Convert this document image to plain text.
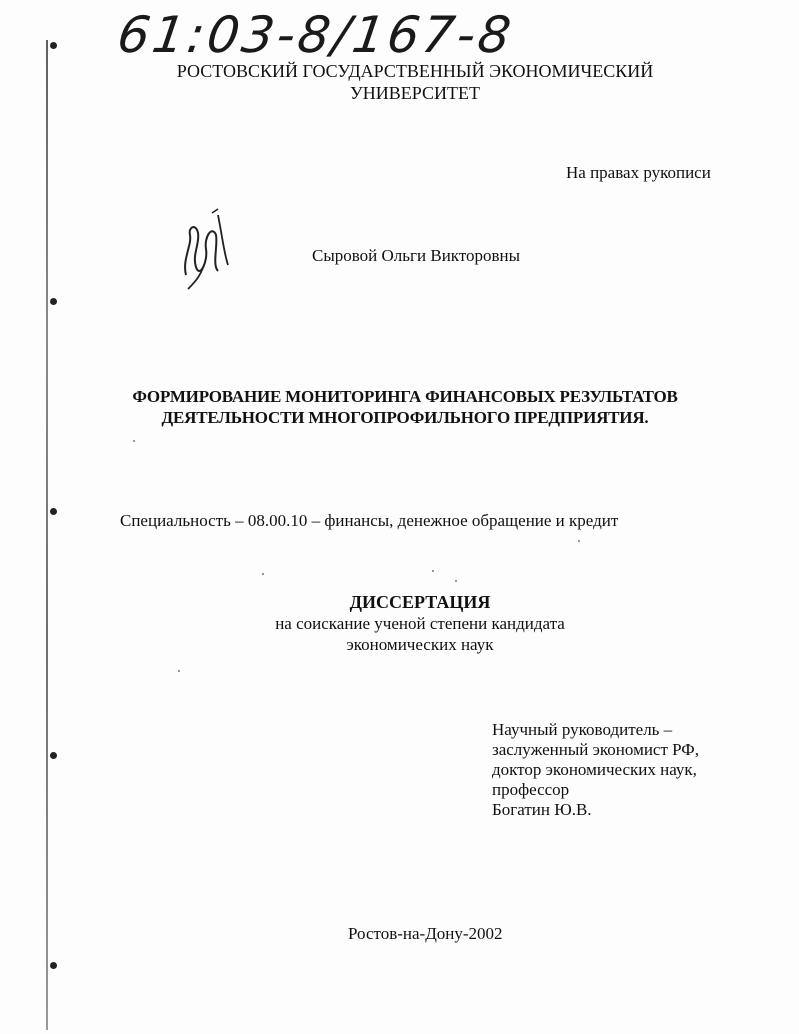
61:03-8/167-8
РОСТОВСКИЙ ГОСУДАРСТВЕННЫЙ ЭКОНОМИЧЕСКИЙ
УНИВЕРСИТЕТ
На правах рукописи
Сыровой Ольги Викторовны
ФОРМИРОВАНИЕ МОНИТОРИНГА ФИНАНСОВЫХ РЕЗУЛЬТАТОВ
ДЕЯТЕЛЬНОСТИ МНОГОПРОФИЛЬНОГО ПРЕДПРИЯТИЯ.
Специальность – 08.00.10 – финансы, денежное обращение и кредит
ДИССЕРТАЦИЯ
на соискание ученой степени кандидата
экономических наук
Научный руководитель –
заслуженный экономист РФ,
доктор экономических наук,
профессор
Богатин Ю.В.
Ростов-на-Дону-2002
